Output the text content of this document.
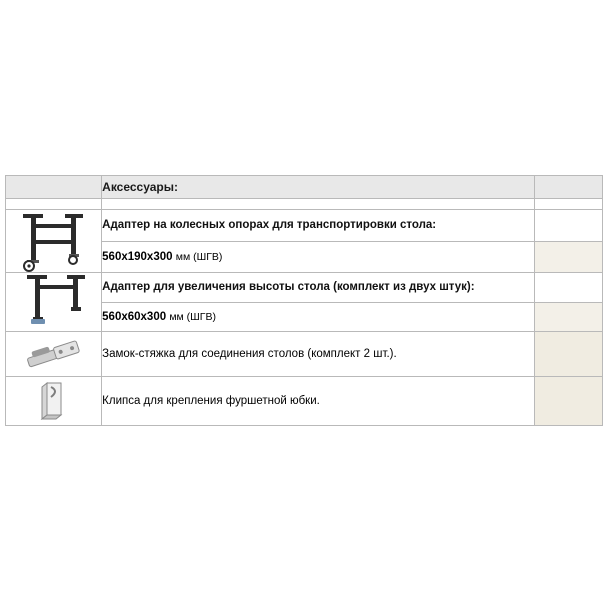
	Аксессуары:	

	Адаптер на колесных опорах для транспортировки стола:	
	560х190х300 мм (ШГВ)	

	Адаптер для увеличения высоты стола (комплект из двух штук):	
	560х60х300 мм (ШГВ)	

	Замок-стяжка для соединения столов (комплект 2 шт.).	

	Клипса для крепления фуршетной юбки.	
